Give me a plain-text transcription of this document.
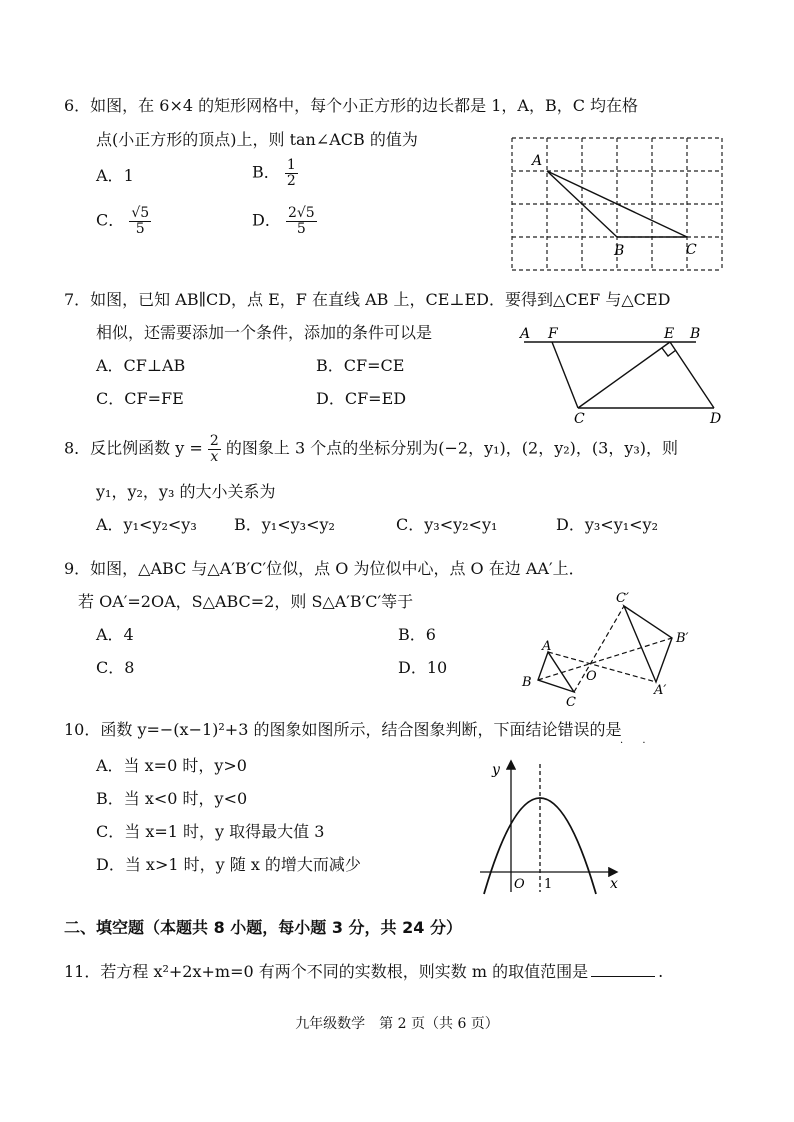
6．如图，在 6×4 的矩形网格中，每个小正方形的边长都是 1，A，B，C 均在格
点(小正方形的顶点)上，则 tan∠ACB 的值为
A．1	B． $\frac{1}{2}$
C． $\frac{√5}{5}$	D． $\frac{2√5}{5}$
A
B	C
7．如图，已知 AB∥CD，点 E，F 在直线 AB 上，CE⊥ED．要得到△CEF 与△CED
相似，还需要添加一个条件，添加的条件可以是
A．CF⊥AB	B．CF=CE
C．CF=FE	D．CF=ED
A F	E B
C	D
8．反比例函数 $y = \frac{2}{x}$ 的图象上 3 个点的坐标分别为(−2，y₁)，(2，y₂)，(3，y₃)，则
y₁，y₂，y₃ 的大小关系为
A．y₁<y₂<y₃ B．y₁<y₃<y₂	C．y₃<y₂<y₁	D．y₃<y₁<y₂
9．如图，△ABC 与△A′B′C′位似，点 O 为位似中心，点 O 在边 AA′上．
若 OA′=2OA，S△ABC=2，则 S△A′B′C′等于
A．4	B．6
C．8	D．10
A
B
C
O
A′
B′
C′
10．函数 y=−(x−1)²+3 的图象如图所示，结合图象判断，下面结论错误的是
· ·
A．当 x=0 时，y>0
B．当 x<0 时，y<0
C．当 x=1 时，y 取得最大值 3
D．当 x>1 时，y 随 x 的增大而减少
y
x
O 1
二、填空题（本题共 8 小题，每小题 3 分，共 24 分）
11．若方程 x²+2x+m=0 有两个不同的实数根，则实数 m 的取值范围是	.
九年级数学　第 2 页（共 6 页）
